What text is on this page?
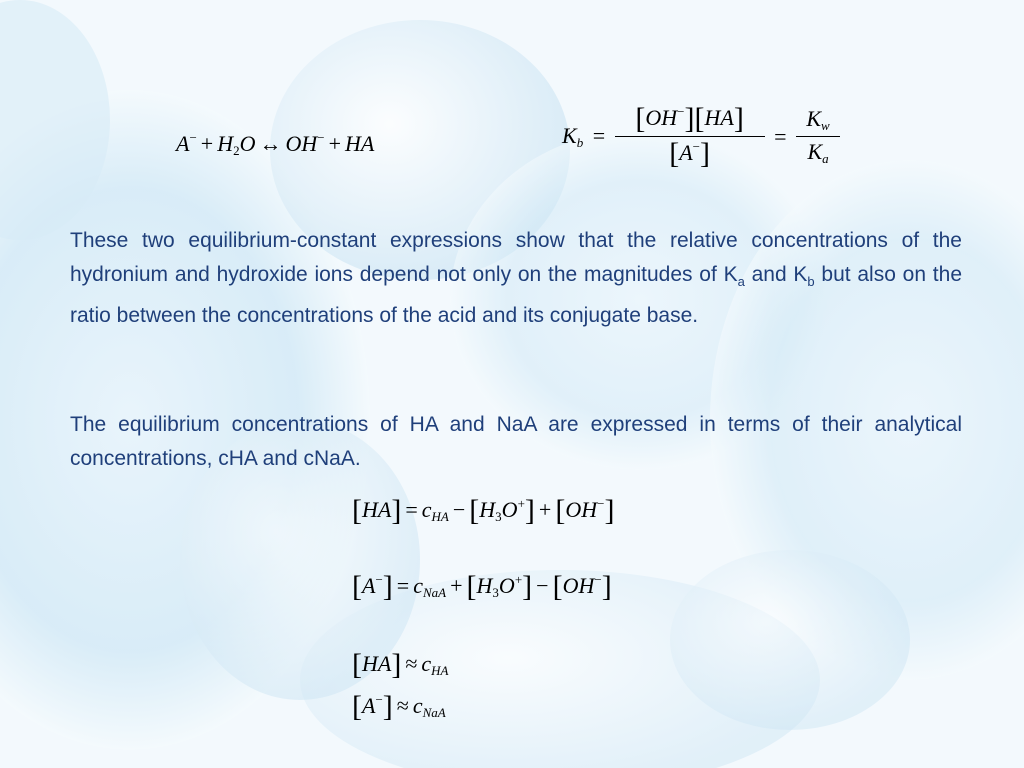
$A^- + H_2O$ ↔ OH− + HA	$K_b = \frac{[OH^-][HA]}{[A^-]} = \frac{K_w}{K_a}$
These two equilibrium-constant expressions show that the relative concentrations of the hydronium and hydroxide ions depend not only on the magnitudes of $K_a$ and $K_b$ but also on the ratio between the concentrations of the acid and its conjugate base.
The equilibrium concentrations of HA and NaA are expressed in terms of their analytical concentrations, cHA and cNaA.
$[HA] = c_{HA} - [H_3O^+] + [OH^-]$
$[A^-] = c_{NaA} + [H_3O^+] - [OH^-]$
$[HA] \approx c_{HA}$
$[A^-] \approx c_{NaA}$
